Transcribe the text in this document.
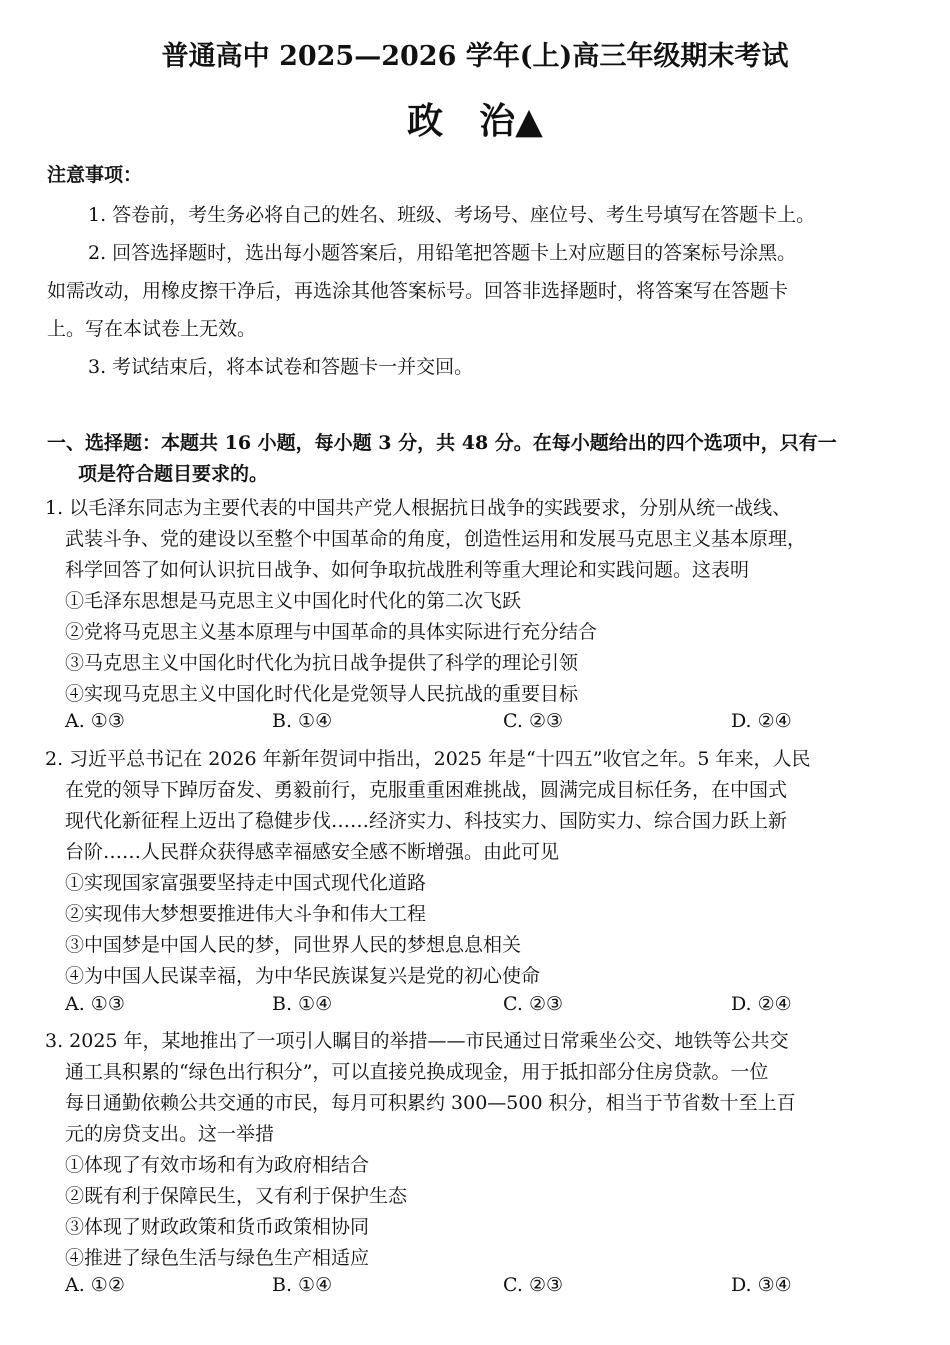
普通高中 2025—2026 学年(上)高三年级期末考试
政　治▲
注意事项：
1. 答卷前，考生务必将自己的姓名、班级、考场号、座位号、考生号填写在答题卡上。
2. 回答选择题时，选出每小题答案后，用铅笔把答题卡上对应题目的答案标号涂黑。
如需改动，用橡皮擦干净后，再选涂其他答案标号。回答非选择题时，将答案写在答题卡
上。写在本试卷上无效。
3. 考试结束后，将本试卷和答题卡一并交回。
一、选择题：本题共 16 小题，每小题 3 分，共 48 分。在每小题给出的四个选项中，只有一
项是符合题目要求的。
1. 以毛泽东同志为主要代表的中国共产党人根据抗日战争的实践要求，分别从统一战线、
武装斗争、党的建设以至整个中国革命的角度，创造性运用和发展马克思主义基本原理，
科学回答了如何认识抗日战争、如何争取抗战胜利等重大理论和实践问题。这表明
①毛泽东思想是马克思主义中国化时代化的第二次飞跃
②党将马克思主义基本原理与中国革命的具体实际进行充分结合
③马克思主义中国化时代化为抗日战争提供了科学的理论引领
④实现马克思主义中国化时代化是党领导人民抗战的重要目标
A. ①③	B. ①④	C. ②③	D. ②④
2. 习近平总书记在 2026 年新年贺词中指出，2025 年是“十四五”收官之年。5 年来，人民
在党的领导下踔厉奋发、勇毅前行，克服重重困难挑战，圆满完成目标任务，在中国式
现代化新征程上迈出了稳健步伐……经济实力、科技实力、国防实力、综合国力跃上新
台阶……人民群众获得感幸福感安全感不断增强。由此可见
①实现国家富强要坚持走中国式现代化道路
②实现伟大梦想要推进伟大斗争和伟大工程
③中国梦是中国人民的梦，同世界人民的梦想息息相关
④为中国人民谋幸福，为中华民族谋复兴是党的初心使命
A. ①③	B. ①④	C. ②③	D. ②④
3. 2025 年，某地推出了一项引人瞩目的举措——市民通过日常乘坐公交、地铁等公共交
通工具积累的“绿色出行积分”，可以直接兑换成现金，用于抵扣部分住房贷款。一位
每日通勤依赖公共交通的市民，每月可积累约 300—500 积分，相当于节省数十至上百
元的房贷支出。这一举措
①体现了有效市场和有为政府相结合
②既有利于保障民生，又有利于保护生态
③体现了财政政策和货币政策相协同
④推进了绿色生活与绿色生产相适应
A. ①②	B. ①④	C. ②③	D. ③④
